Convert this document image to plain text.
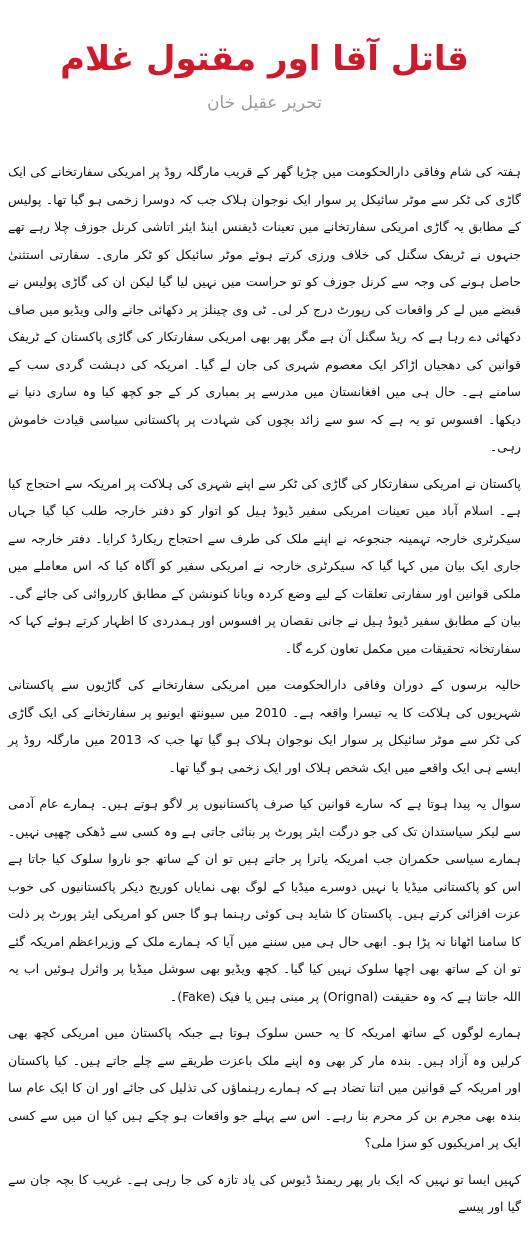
قاتل آقا اور مقتول غلام
تحریر عقیل خان

ہفتہ کی شام وفاقی دارالحکومت میں چڑیا گھر کے قریب مارگلہ روڈ پر امریکی سفارتخانے کی ایک گاڑی کی ٹکر سے موٹر سائیکل پر سوار ایک نوجوان ہلاک جب کہ دوسرا زخمی ہو گیا تھا۔ پولیس کے مطابق یہ گاڑی امریکی سفارتخانے میں تعینات ڈیفنس اینڈ ایئر اتاشی کرنل جوزف چلا رہے تھے جنہوں نے ٹریفک سگنل کی خلاف ورزی کرتے ہوئے موٹر سائیکل کو ٹکر ماری۔ سفارتی استثنیٰ حاصل ہونے کی وجہ سے کرنل جوزف کو تو حراست میں نہیں لیا گیا لیکن ان کی گاڑی پولیس نے قبضے میں لے کر واقعات کی رپورٹ درج کر لی۔ ٹی وی چینلز پر دکھائی جانے والی ویڈیو میں صاف دکھائی دے رہا ہے کہ ریڈ سگنل آن ہے مگر پھر بھی امریکی سفارتکار کی گاڑی پاکستان کے ٹریفک قوانین کی دھجیاں اڑاکر ایک معصوم شہری کی جان لے گیا۔ امریکہ کی دہشت گردی سب کے سامنے ہے۔ حال ہی میں افغانستان میں مدرسے پر بمباری کر کے جو کچھ کیا وہ ساری دنیا نے دیکھا۔ افسوس تو یہ ہے کہ سو سے زائد بچوں کی شہادت پر پاکستانی سیاسی قیادت خاموش رہی۔

پاکستان نے امریکی سفارتکار کی گاڑی کی ٹکر سے اپنے شہری کی ہلاکت پر امریکہ سے احتجاج کیا ہے۔ اسلام آباد میں تعینات امریکی سفیر ڈیوڈ ہیل کو اتوار کو دفتر خارجہ طلب کیا گیا جہاں سیکرٹری خارجہ تہمینہ جنجوعہ نے اپنے ملک کی طرف سے احتجاج ریکارڈ کرایا۔ دفتر خارجہ سے جاری ایک بیان میں کہا گیا کہ سیکرٹری خارجہ نے امریکی سفیر کو آگاہ کیا کہ اس معاملے میں ملکی قوانین اور سفارتی تعلقات کے لیے وضع کردہ ویانا کنونشن کے مطابق کارروائی کی جائے گی۔ بیان کے مطابق سفیر ڈیوڈ ہیل نے جانی نقصان پر افسوس اور ہمدردی کا اظہار کرتے ہوئے کہا کہ سفارتخانہ تحقیقات میں مکمل تعاون کرے گا۔

حالیہ برسوں کے دوران وفاقی دارالحکومت میں امریکی سفارتخانے کی گاڑیوں سے پاکستانی شہریوں کی ہلاکت کا یہ تیسرا واقعہ ہے۔ 2010 میں سیونتھ ایونیو پر سفارتخانے کی ایک گاڑی کی ٹکر سے موٹر سائیکل پر سوار ایک نوجوان ہلاک ہو گیا تھا جب کہ 2013 میں مارگلہ روڈ پر ایسے ہی ایک واقعے میں ایک شخص ہلاک اور ایک زخمی ہو گیا تھا۔

سوال یہ پیدا ہوتا ہے کہ سارے قوانین کیا صرف پاکستانیوں پر لاگو ہوتے ہیں۔ ہمارے عام آدمی سے لیکر سیاستدان تک کی جو درگت ایئر پورٹ پر بنائی جاتی ہے وہ کسی سے ڈھکی چھپی نہیں۔ ہمارے سیاسی حکمران جب امریکہ یاترا پر جاتے ہیں تو ان کے ساتھ جو ناروا سلوک کیا جاتا ہے اس کو پاکستانی میڈیا یا نہیں دوسرے میڈیا کے لوگ بھی نمایاں کوریج دیکر پاکستانیوں کی خوب عزت افزائی کرتے ہیں۔ پاکستان کا شاید ہی کوئی رہنما ہو گا جس کو امریکی ایئر پورٹ پر ذلت کا سامنا اٹھانا نہ پڑا ہو۔ ابھی حال ہی میں سننے میں آیا کہ ہمارے ملک کے وزیراعظم امریکہ گئے تو ان کے ساتھ بھی اچھا سلوک نہیں کیا گیا۔ کچھ ویڈیو بھی سوشل میڈیا پر وائرل ہوئیں اب یہ اللہ جانتا ہے کہ وہ حقیقت (Orignal) پر مبنی ہیں یا فیک (Fake)۔

ہمارے لوگوں کے ساتھ امریکہ کا یہ حسن سلوک ہوتا ہے جبکہ پاکستان میں امریکی کچھ بھی کرلیں وہ آزاد ہیں۔ بندہ مار کر بھی وہ اپنے ملک باعزت طریقے سے چلے جاتے ہیں۔ کیا پاکستان اور امریکہ کے قوانین میں اتنا تضاد ہے کہ ہمارے رہنماؤں کی تذلیل کی جائے اور ان کا ایک عام سا بندہ بھی مجرم بن کر محرم بنا رہے۔ اس سے پہلے جو واقعات ہو چکے ہیں کیا ان میں سے کسی ایک پر امریکیوں کو سزا ملی؟

کہیں ایسا تو نہیں کہ ایک بار پھر ریمنڈ ڈیوس کی یاد تازہ کی جا رہی ہے۔ غریب کا بچہ جان سے گیا اور پیسے
